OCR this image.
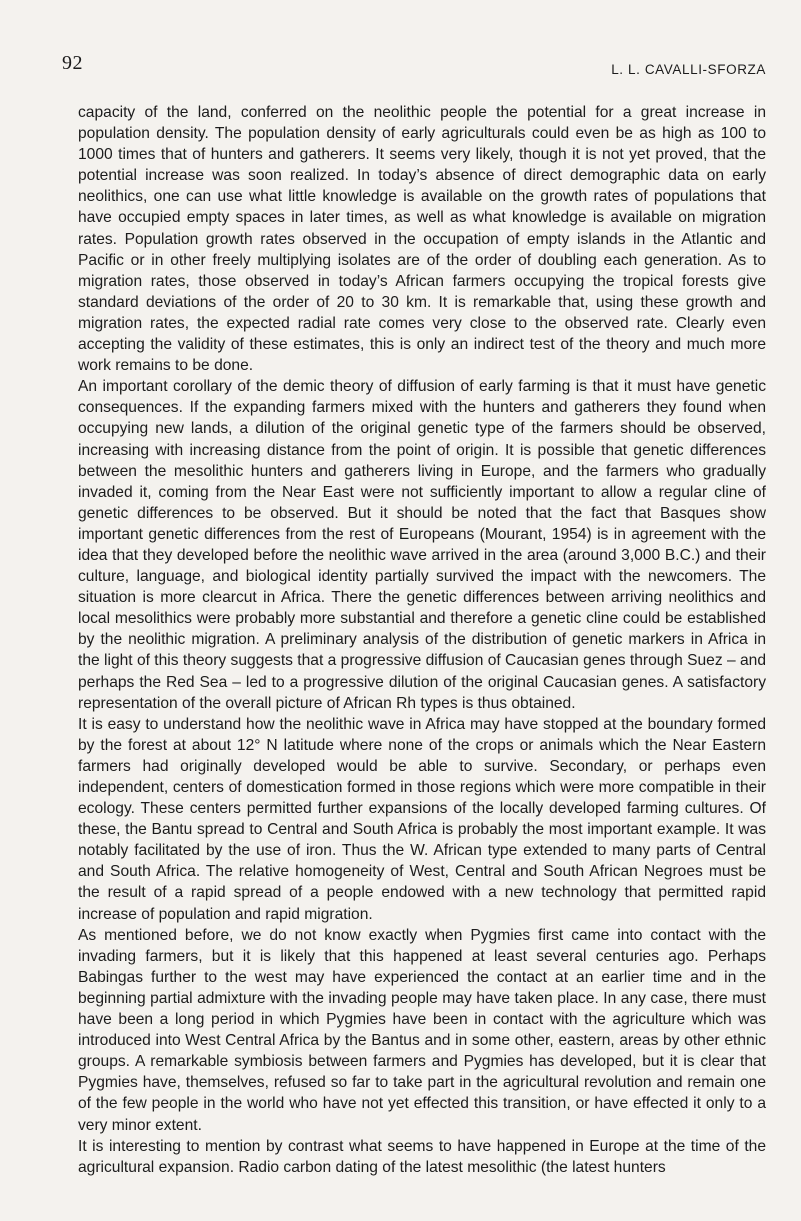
92	L. L. CAVALLI-SFORZA

capacity of the land, conferred on the neolithic people the potential for a great increase in population density. The population density of early agriculturals could even be as high as 100 to 1000 times that of hunters and gatherers. It seems very likely, though it is not yet proved, that the potential increase was soon realized. In today’s absence of direct demographic data on early neolithics, one can use what little knowledge is available on the growth rates of populations that have occupied empty spaces in later times, as well as what knowledge is available on migration rates. Population growth rates observed in the occupation of empty islands in the Atlantic and Pacific or in other freely multiplying isolates are of the order of doubling each generation. As to migration rates, those observed in today’s African farmers occupying the tropical forests give standard deviations of the order of 20 to 30 km. It is remarkable that, using these growth and migration rates, the expected radial rate comes very close to the observed rate. Clearly even accepting the validity of these estimates, this is only an indirect test of the theory and much more work remains to be done.

An important corollary of the demic theory of diffusion of early farming is that it must have genetic consequences. If the expanding farmers mixed with the hunters and gatherers they found when occupying new lands, a dilution of the original genetic type of the farmers should be observed, increasing with increasing distance from the point of origin. It is possible that genetic differences between the mesolithic hunters and gatherers living in Europe, and the farmers who gradually invaded it, coming from the Near East were not sufficiently important to allow a regular cline of genetic differences to be observed. But it should be noted that the fact that Basques show important genetic differences from the rest of Europeans (Mourant, 1954) is in agreement with the idea that they developed before the neolithic wave arrived in the area (around 3,000 B.C.) and their culture, language, and biological identity partially survived the impact with the newcomers. The situation is more clearcut in Africa. There the genetic differences between arriving neolithics and local mesolithics were probably more substantial and therefore a genetic cline could be established by the neolithic migration. A preliminary analysis of the distribution of genetic markers in Africa in the light of this theory suggests that a progressive diffusion of Caucasian genes through Suez – and perhaps the Red Sea – led to a progressive dilution of the original Caucasian genes. A satisfactory representation of the overall picture of African Rh types is thus obtained.

It is easy to understand how the neolithic wave in Africa may have stopped at the boundary formed by the forest at about 12° N latitude where none of the crops or animals which the Near Eastern farmers had originally developed would be able to survive. Secondary, or perhaps even independent, centers of domestication formed in those regions which were more compatible in their ecology. These centers permitted further expansions of the locally developed farming cultures. Of these, the Bantu spread to Central and South Africa is probably the most important example. It was notably facilitated by the use of iron. Thus the W. African type extended to many parts of Central and South Africa. The relative homogeneity of West, Central and South African Negroes must be the result of a rapid spread of a people endowed with a new technology that permitted rapid increase of population and rapid migration.

As mentioned before, we do not know exactly when Pygmies first came into contact with the invading farmers, but it is likely that this happened at least several centuries ago. Perhaps Babingas further to the west may have experienced the contact at an earlier time and in the beginning partial admixture with the invading people may have taken place. In any case, there must have been a long period in which Pygmies have been in contact with the agriculture which was introduced into West Central Africa by the Bantus and in some other, eastern, areas by other ethnic groups. A remarkable symbiosis between farmers and Pygmies has developed, but it is clear that Pygmies have, themselves, refused so far to take part in the agricultural revolution and remain one of the few people in the world who have not yet effected this transition, or have effected it only to a very minor extent.

It is interesting to mention by contrast what seems to have happened in Europe at the time of the agricultural expansion. Radio carbon dating of the latest mesolithic (the latest hunters
